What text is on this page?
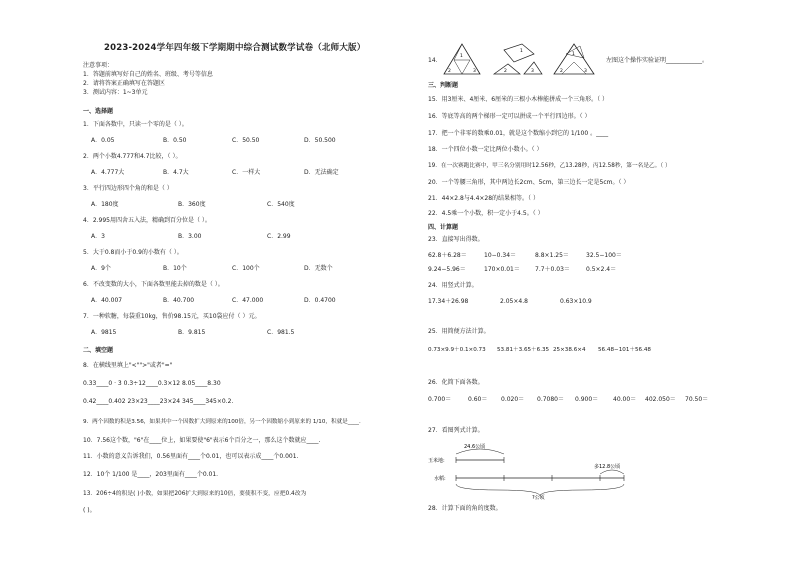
2023-2024学年四年级下学期期中综合测试数学试卷（北师大版）
注意事项：
1．答题前填写好自己的姓名、班级、考号等信息
2．请将答案正确填写在答题区
3．测试内容：1~3单元
一、选择题
1．下面各数中，只读一个零的是（ ）。
A．0.05	B．0.50	C．50.50	D．50.500
2．两个小数4.777和4.7比较，（ ）。
A．4.777大	B．4.7大	C．一样大	D．无法确定
3．平行四边形四个角的和是（ ）
A．180度	B．360度	C．540度
4．2.995用四舍五入法，精确到百分位是（ ）。
A．3	B．3.00	C．2.99
5．大于0.8而小于0.9的小数有（ ）。
A．9个	B．10个	C．100个	D．无数个
6．不改变数的大小，下面各数里能去掉的数是（ ）。
A．40.007	B．40.700	C．47.000	D．0.4700
7．一种软糖，每袋重10kg，售价98.15元，买10袋应付（ ）元。
A．9815	B．9.815	C．981.5
二、填空题
8．在横线里填上"<"">"或者"="
0.33____0 · 3̇ 0.3÷12____0.3×12 8.05____8.30
0.42____0.402 23×23____23×24 345____345×0.2.
9．两个因数的积是3.56，如果其中一个因数扩大到原来的100倍，另一个因数缩小到原来的 1/10，积就是____.
10．7.56这个数，"6"在____位上，如果要使"6"表示6个百分之一，那么这个数就应____.
11．小数的意义告诉我们，0.56里面有____个0.01，也可以表示成____个0.001.
12．10个 1/100 是____，203里面有____个0.01.
13．206÷4的积是( )小数，如果把206扩大到原来的10倍，要使积不变，应把0.4改为
( )。
14．
1
2	3
1
2	3
1
2	3
左图这个操作实验证明____________。
三、判断题
15．用3厘米、4厘米、6厘米的三根小木棒能拼成一个三角形。（ ）
16．等底等高的两个梯形一定可以拼成一个平行四边形。（ ）
17．把一个非零的数乘0.01，就是这个数缩小到它的 1/100 。____
18．一个四位小数一定比两位小数小。（ ）
19．在一次赛跑比赛中，甲三名分别用时12.56秒，乙13.28秒，丙12.58秒，第一名是乙。（ ）
20．一个等腰三角形，其中两边长2cm、5cm，第三边长一定是5cm。（ ）
21．44×2.8与4.4×28的结果相等。（ ）
22．4.5乘一个小数，积一定小于4.5。（ ）
四、计算题
23．直接写出得数。
62.8＋6.28＝	10−0.34＝	8.8×1.25＝	32.5−100＝
9.24−5.96＝	170×0.01＝	7.7＋0.03＝	0.5×2.4＝
24．用竖式计算。
17.34＋26.98	2.05×4.8	0.63×10.9
25．用简便方法计算。
0.73×9.9＋0.1×0.73 53.81＋3.65＋6.35 25×38.6×4 56.48−101＋56.48
26．化简下面各数。
0.700＝	0.60＝ 0.020＝ 0.7080＝ 0.900＝ 40.00＝ 402.050＝ 70.50＝
27．看图列式计算。
24.6公顷
玉米地:
水稻:
多12.8公顷
?公顷
28．计算下面的角的度数。
